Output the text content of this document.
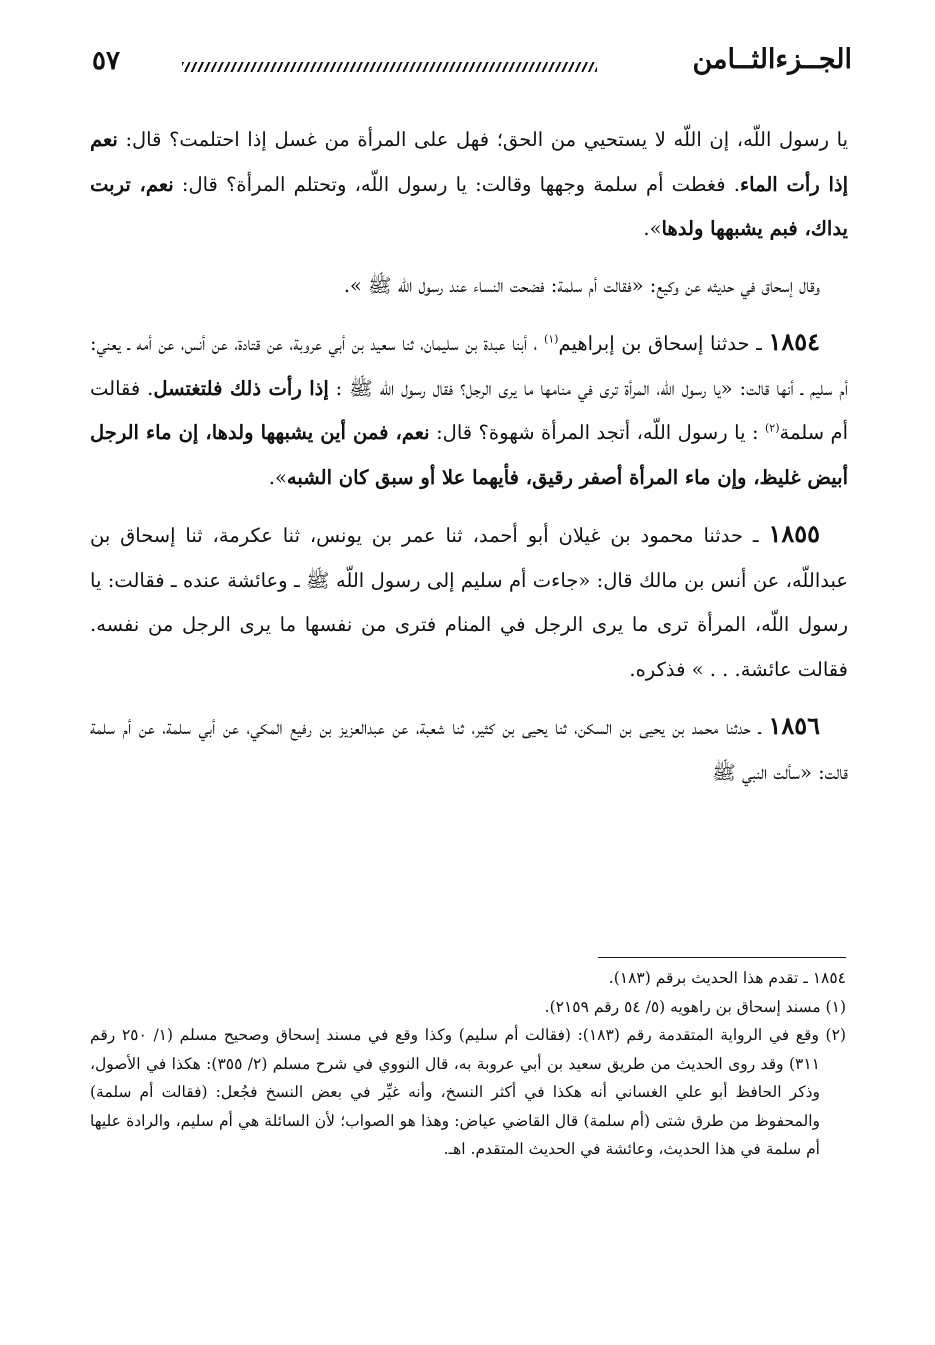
الجــزءالثــامن
٥٧

يا رسول اللّه، إن اللّه لا يستحيي من الحق؛ فهل على المرأة من غسل إذا احتلمت؟ قال: نعم إذا رأت الماء. فغطت أم سلمة وجهها وقالت: يا رسول اللّه، وتحتلم المرأة؟ قال: نعم، تربت يداك، فبم يشبهها ولدها».

وقال إسحاق في حديثه عن وكيع: «فقالت أم سلمة: فضحت النساء عند رسول اللّه ﷺ ».

١٨٥٤ ـ حدثنا إسحاق بن إبراهيم$^{(١)}$ ، أبنا عبدة بن سليمان، ثنا سعيد بن أبي عروبة، عن قتادة، عن أنس، عن أمه ـ يعني: أم سليم ـ أنها قالت: «يا رسول اللّه، المرأة ترى في منامها ما يرى الرجل؟ فقال رسول اللّه ﷺ : إذا رأت ذلك فلتغتسل. فقالت أم سلمة$^{(٢)}$ : يا رسول اللّه، أتجد المرأة شهوة؟ قال: نعم، فمن أين يشبهها ولدها، إن ماء الرجل أبيض غليظ، وإن ماء المرأة أصفر رقيق، فأيهما علا أو سبق كان الشبه».

١٨٥٥ ـ حدثنا محمود بن غيلان أبو أحمد، ثنا عمر بن يونس، ثنا عكرمة، ثنا إسحاق بن عبداللّه، عن أنس بن مالك قال: «جاءت أم سليم إلى رسول اللّه ﷺ ـ وعائشة عنده ـ فقالت: يا رسول اللّه، المرأة ترى ما يرى الرجل في المنام فترى من نفسها ما يرى الرجل من نفسه. فقالت عائشة. . . » فذكره.

١٨٥٦ ـ حدثنا محمد بن يحيى بن السكن، ثنا يحيى بن كثير، ثنا شعبة، عن عبدالعزيز بن رفيع المكي، عن أبي سلمة، عن أم سلمة قالت: «سألت النبي ﷺ

١٨٥٤ ـ تقدم هذا الحديث برقم (١٨٣).

(١) مسند إسحاق بن راهويه (٥/ ٥٤ رقم ٢١٥٩).

(٢) وقع في الرواية المتقدمة رقم (١٨٣): (فقالت أم سليم) وكذا وقع في مسند إسحاق وصحيح مسلم (١/ ٢٥٠ رقم ٣١١) وقد روى الحديث من طريق سعيد بن أبي عروبة به، قال النووي في شرح مسلم (٢/ ٣٥٥): هكذا في الأصول، وذكر الحافظ أبو علي الغساني أنه هكذا في أكثر النسخ، وأنه غيِّر في بعض النسخ فجُعل: (فقالت أم سلمة) والمحفوظ من طرق شتى (أم سلمة) قال القاضي عياض: وهذا هو الصواب؛ لأن السائلة هي أم سليم، والرادة عليها أم سلمة في هذا الحديث، وعائشة في الحديث المتقدم. اهـ.
